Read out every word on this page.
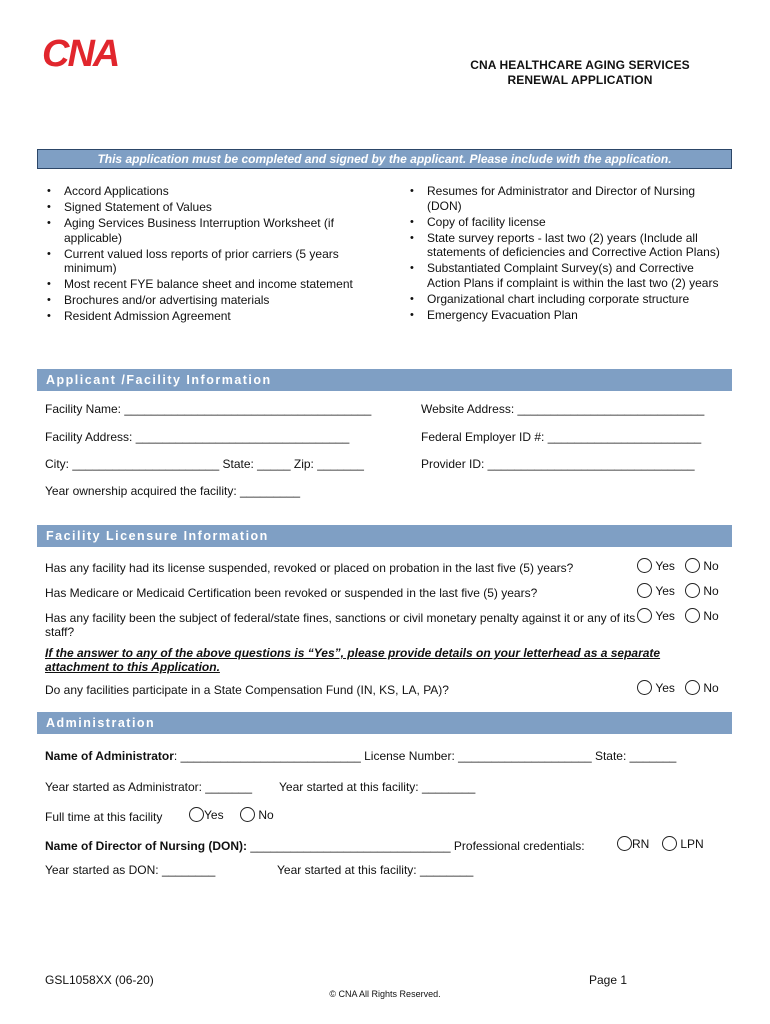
CNA	CNA HEALTHCARE AGING SERVICES
RENEWAL APPLICATION
This application must be completed and signed by the applicant. Please include with the application.
• Accord Applications
• Signed Statement of Values
• Aging Services Business Interruption Worksheet (if applicable)
• Current valued loss reports of prior carriers (5 years minimum)
• Most recent FYE balance sheet and income statement
• Brochures and/or advertising materials
• Resident Admission Agreement
• Resumes for Administrator and Director of Nursing (DON)
• Copy of facility license
• State survey reports - last two (2) years (Include all statements of deficiencies and Corrective Action Plans)
• Substantiated Complaint Survey(s) and Corrective Action Plans if complaint is within the last two (2) years
• Organizational chart including corporate structure
• Emergency Evacuation Plan
Applicant /Facility Information
Facility Name: _____________________________________	Website Address: ____________________________
Facility Address: ________________________________	Federal Employer ID #: _______________________
City: ______________________ State: _____ Zip: _______	Provider ID: _______________________________
Year ownership acquired the facility: _________
Facility Licensure Information
Has any facility had its license suspended, revoked or placed on probation in the last five (5) years?	Yes	No
Has Medicare or Medicaid Certification been revoked or suspended in the last five (5) years?	Yes	No
Has any facility been the subject of federal/state fines, sanctions or civil monetary penalty against it or any of its staff?
Yes	No
If the answer to any of the above questions is “Yes”, please provide details on your letterhead as a separate attachment to this Application.
Do any facilities participate in a State Compensation Fund (IN, KS, LA, PA)?	Yes	No
Administration
Name of Administrator: ___________________________ License Number: ____________________ State: _______
Year started as Administrator: _______ Year started at this facility: ________
Full time at this facility	Yes	No
Name of Director of Nursing (DON): ______________________________ Professional credentials:	RN	LPN
Year started as DON: ________	Year started at this facility: ________
GSL1058XX (06-20)	Page 1
© CNA All Rights Reserved.
